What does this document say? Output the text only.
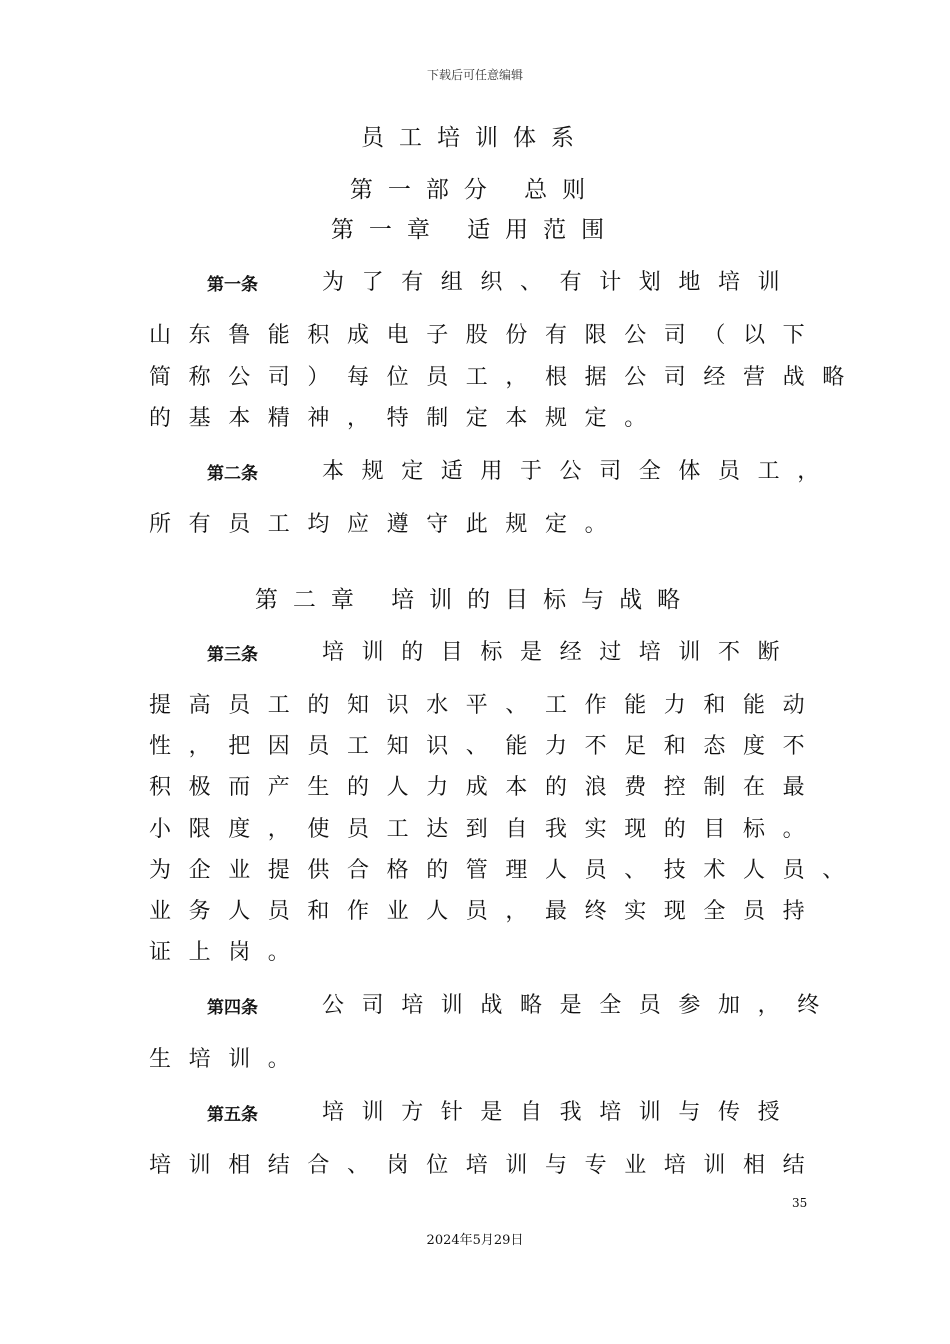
下载后可任意编辑
员工培训体系
第一部分 总则
第一章 适用范围
第一条	为了有组织、有计划地培训
山东鲁能积成电子股份有限公司（以下
简称公司）每位员工，根据公司经营战略
的基本精神，特制定本规定。
第二条	本规定适用于公司全体员工，
所有员工均应遵守此规定。
第二章 培训的目标与战略
第三条	培训的目标是经过培训不断
提高员工的知识水平、工作能力和能动
性，把因员工知识、能力不足和态度不
积极而产生的人力成本的浪费控制在最
小限度，使员工达到自我实现的目标。
为企业提供合格的管理人员、技术人员、
业务人员和作业人员，最终实现全员持
证上岗。
第四条	公司培训战略是全员参加，终
生培训。
第五条	培训方针是自我培训与传授
培训相结合、岗位培训与专业培训相结
35
2024年5月29日
